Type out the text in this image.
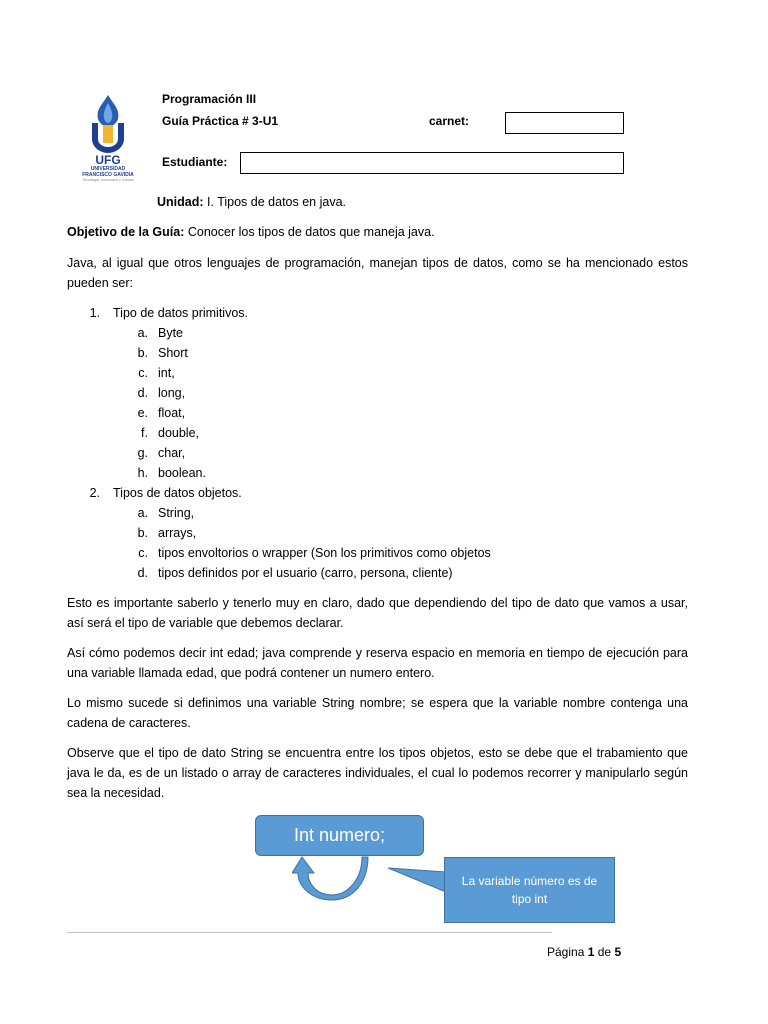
UFG
UNIVERSIDAD
FRANCISCO GAVIDIA
Tecnología, Innovación y Calidad
Programación III
Guía Práctica # 3-U1	carnet:
Estudiante:
Unidad: I. Tipos de datos en java.
Objetivo de la Guía: Conocer los tipos de datos que maneja java.

Java, al igual que otros lenguajes de programación, manejan tipos de datos, como se ha mencionado estos pueden ser:

1. Tipo de datos primitivos.
a. Byte
b. Short
c. int,
d. long,
e. float,
f. double,
g. char,
h. boolean.
2. Tipos de datos objetos.
a. String,
b. arrays,
c. tipos envoltorios o wrapper (Son los primitivos como objetos
d. tipos definidos por el usuario (carro, persona, cliente)

Esto es importante saberlo y tenerlo muy en claro, dado que dependiendo del tipo de dato que vamos a usar, así será el tipo de variable que debemos declarar.

Así cómo podemos decir int edad; java comprende y reserva espacio en memoria en tiempo de ejecución para una variable llamada edad, que podrá contener un numero entero.

Lo mismo sucede si definimos una variable String nombre; se espera que la variable nombre contenga una cadena de caracteres.

Observe que el tipo de dato String se encuentra entre los tipos objetos, esto se debe que el trabamiento que java le da, es de un listado o array de caracteres individuales, el cual lo podemos recorrer y manipularlo según sea la necesidad.

Int numero;
La variable número es de tipo int
Página 1 de 5
